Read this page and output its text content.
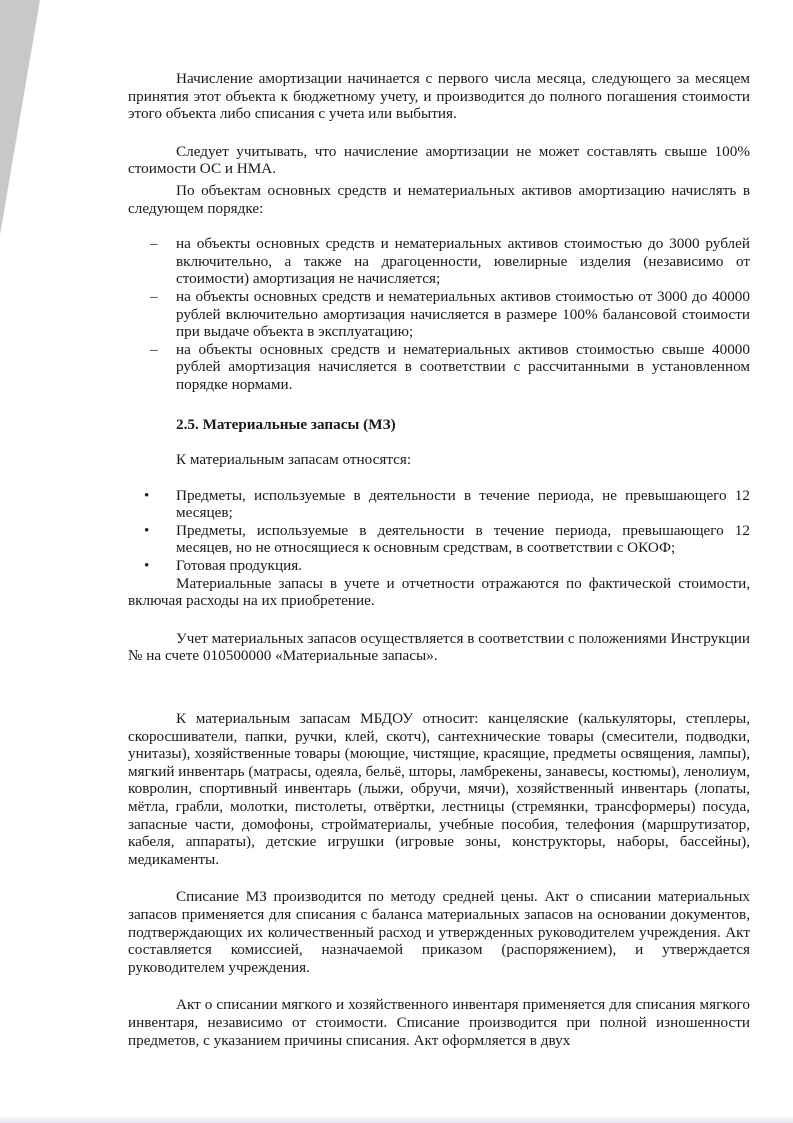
Начисление амортизации начинается с первого числа месяца, следующего за месяцем принятия этот объекта к бюджетному учету, и производится до полного погашения стоимости этого объекта либо списания с учета или выбытия.

Следует учитывать, что начисление амортизации не может составлять свыше 100% стоимости ОС и НМА.

По объектам основных средств и нематериальных активов амортизацию начислять в следующем порядке:

– на объекты основных средств и нематериальных активов стоимостью до 3000 рублей включительно, а также на драгоценности, ювелирные изделия (независимо от стоимости) амортизация не начисляется;
– на объекты основных средств и нематериальных активов стоимостью от 3000 до 40000 рублей включительно амортизация начисляется в размере 100% балансовой стоимости при выдаче объекта в эксплуатацию;
– на объекты основных средств и нематериальных активов стоимостью свыше 40000 рублей амортизация начисляется в соответствии с рассчитанными в установленном порядке нормами.

2.5. Материальные запасы (МЗ)

К материальным запасам относятся:

• Предметы, используемые в деятельности в течение периода, не превышающего 12 месяцев;
• Предметы, используемые в деятельности в течение периода, превышающего 12 месяцев, но не относящиеся к основным средствам, в соответствии с ОКОФ;
• Готовая продукция.

Материальные запасы в учете и отчетности отражаются по фактической стоимости, включая расходы на их приобретение.

Учет материальных запасов осуществляется в соответствии с положениями Инструкции № на счете 010500000 «Материальные запасы».

К материальным запасам МБДОУ относит: канцеляские (калькуляторы, степлеры, скоросшиватели, папки, ручки, клей, скотч), сантехнические товары (смесители, подводки, унитазы), хозяйственные товары (моющие, чистящие, красящие, предметы освящения, лампы), мягкий инвентарь (матрасы, одеяла, бельё, шторы, ламбрекены, занавесы, костюмы), ленолиум, ковролин, спортивный инвентарь (лыжи, обручи, мячи), хозяйственный инвентарь (лопаты, мётла, грабли, молотки, пистолеты, отвёртки, лестницы (стремянки, трансформеры) посуда, запасные части, домофоны, стройматериалы, учебные пособия, телефония (маршрутизатор, кабеля, аппараты), детские игрушки (игровые зоны, конструкторы, наборы, бассейны), медикаменты.

Списание МЗ производится по методу средней цены. Акт о списании материальных запасов применяется для списания с баланса материальных запасов на основании документов, подтверждающих их количественный расход и утвержденных руководителем учреждения. Акт составляется комиссией, назначаемой приказом (распоряжением), и утверждается руководителем учреждения.

Акт о списании мягкого и хозяйственного инвентаря применяется для списания мягкого инвентаря, независимо от стоимости. Списание производится при полной изношенности предметов, с указанием причины списания. Акт оформляется в двух
